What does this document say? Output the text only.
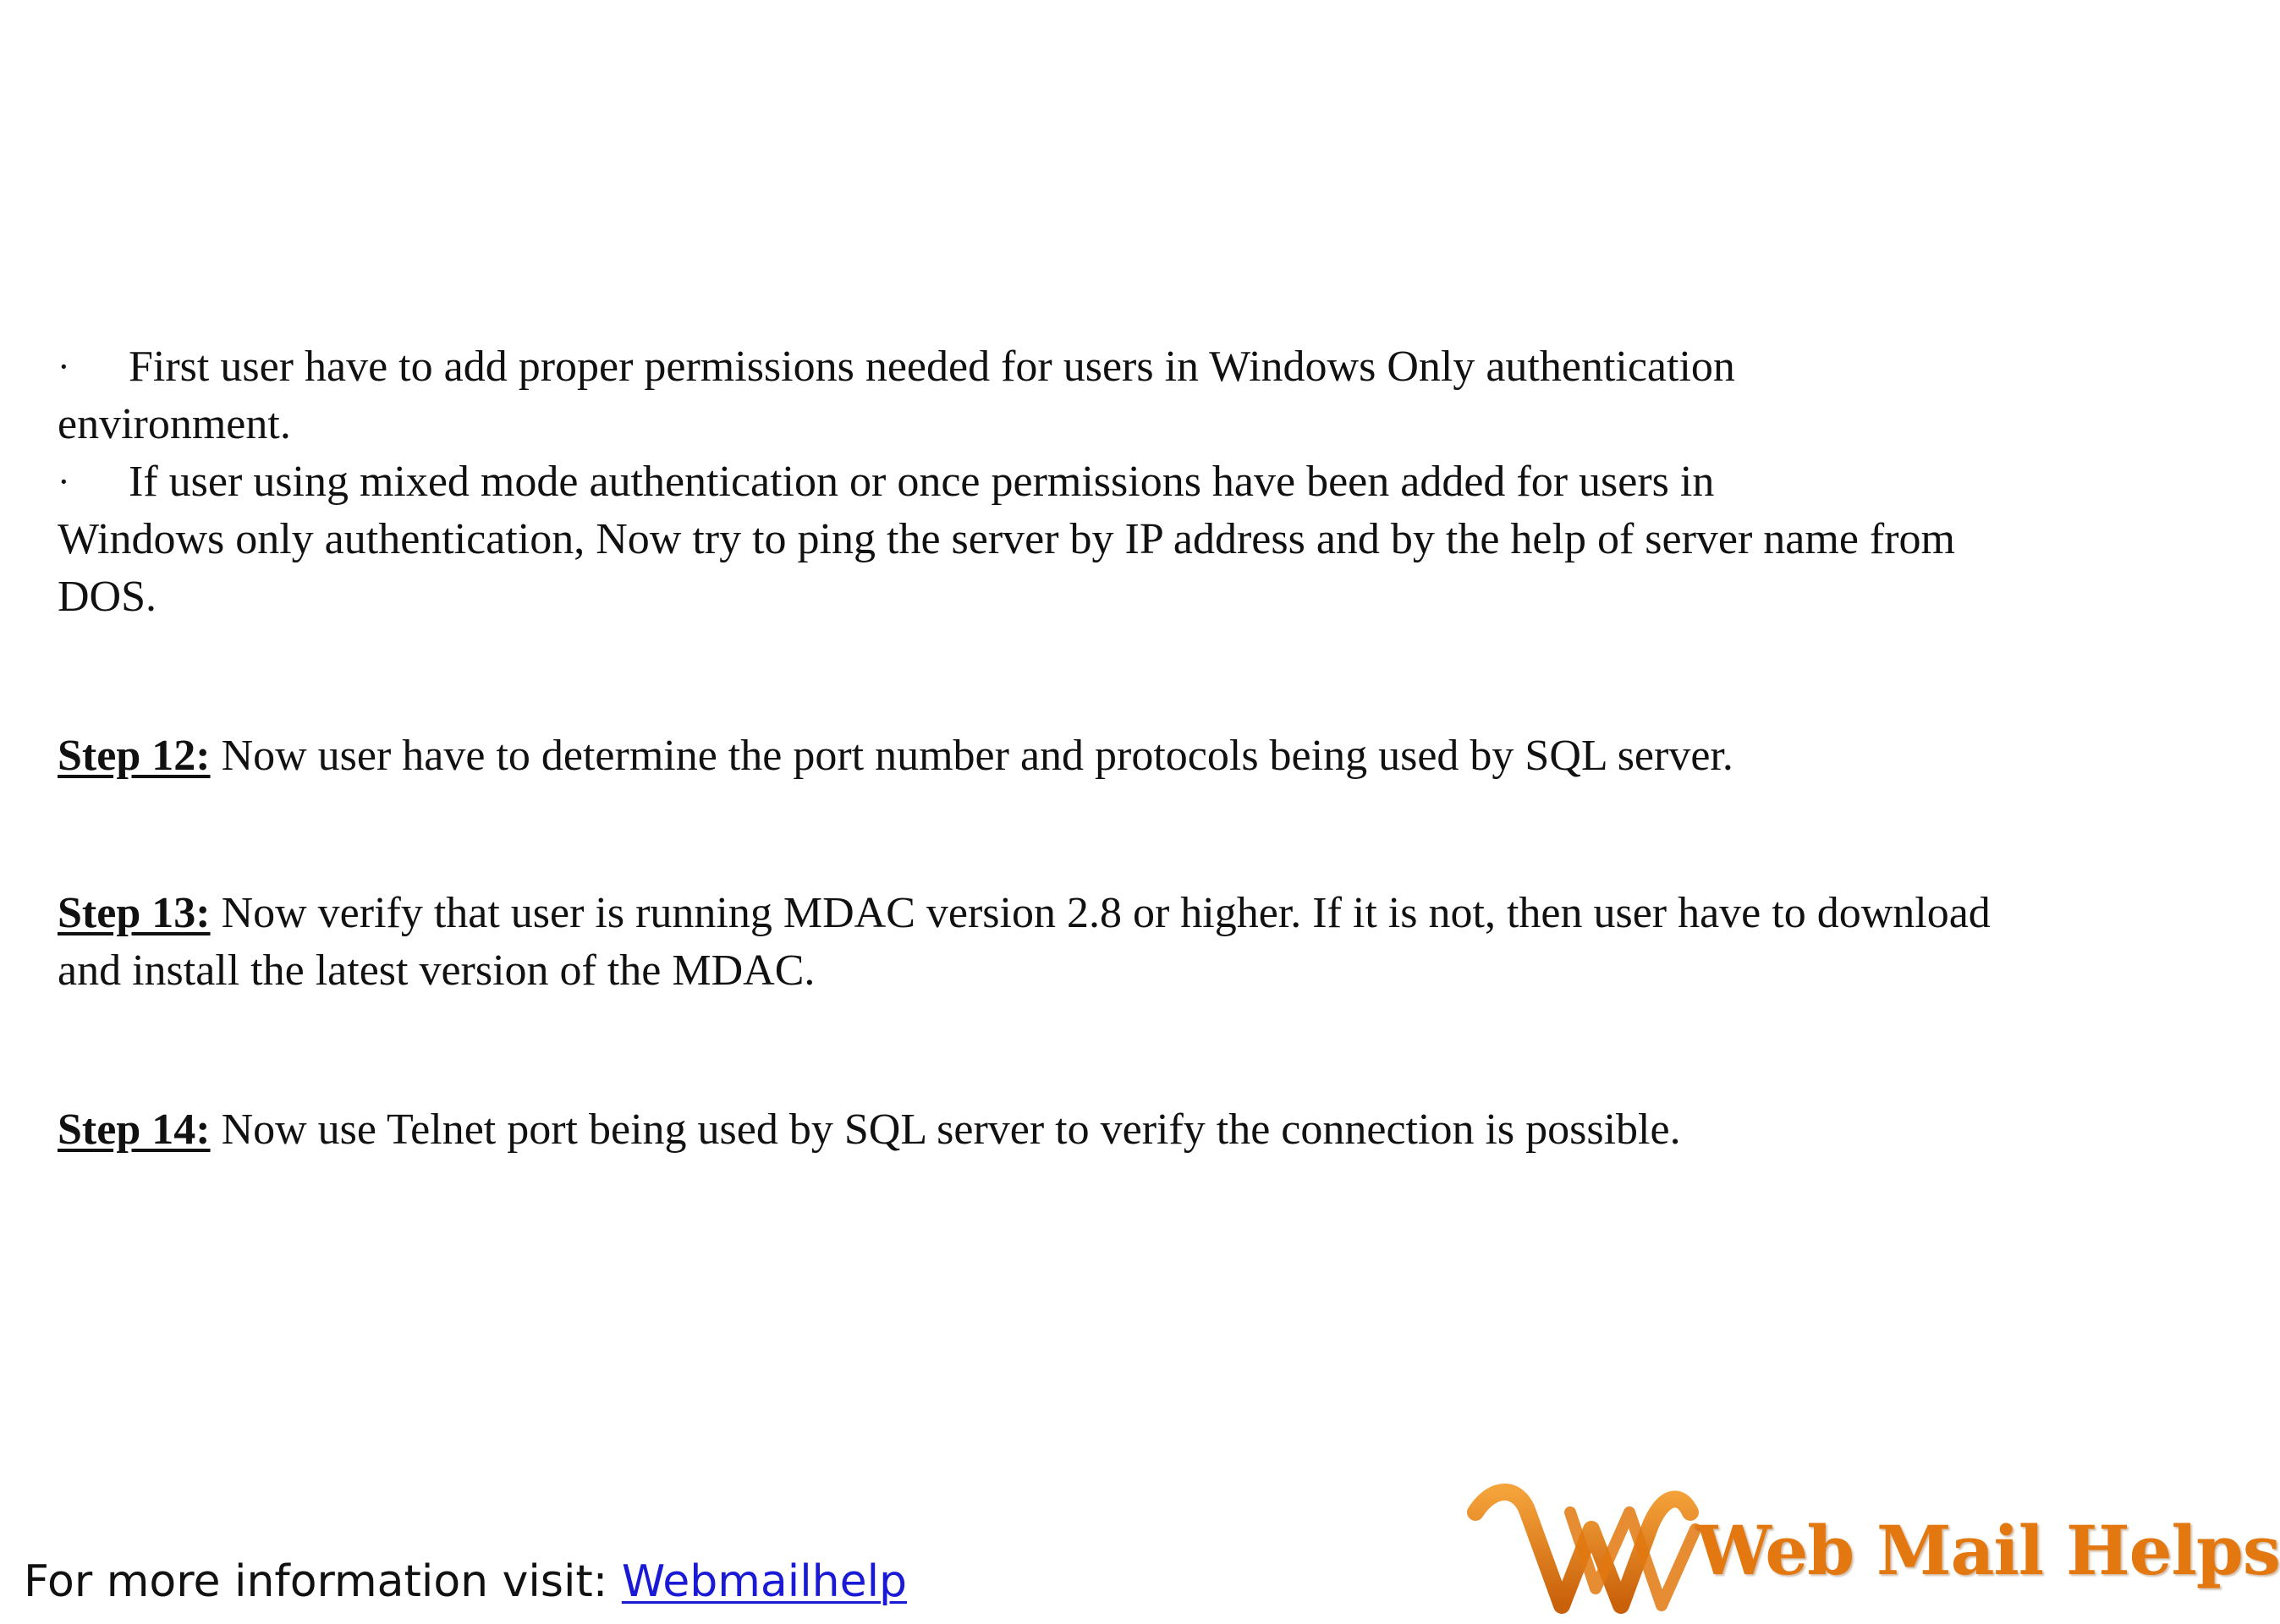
· First user have to add proper permissions needed for users in Windows Only authentication
environment.
· If user using mixed mode authentication or once permissions have been added for users in
Windows only authentication, Now try to ping the server by IP address and by the help of server name from DOS.

Step 12: Now user have to determine the port number and protocols being used by SQL server.

Step 13: Now verify that user is running MDAC version 2.8 or higher. If it is not, then user have to download and install the latest version of the MDAC.

Step 14: Now use Telnet port being used by SQL server to verify the connection is possible.

For more information visit: Webmailhelp	Web Mail Helps
